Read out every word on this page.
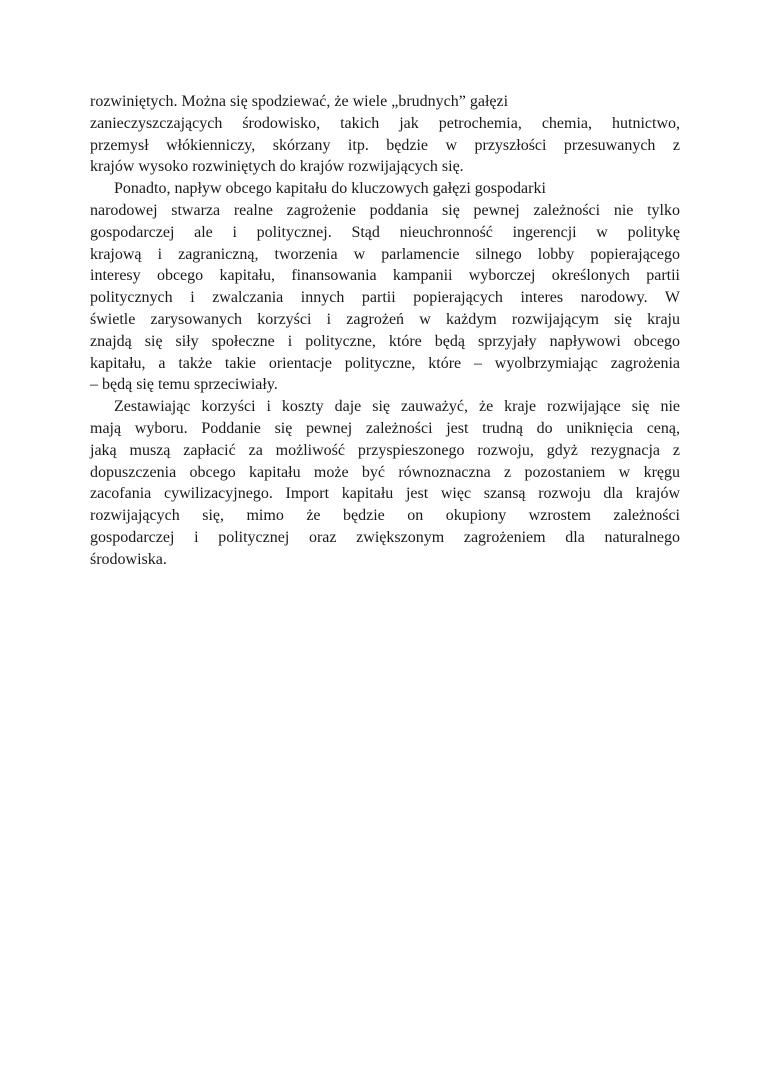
rozwiniętych. Można się spodziewać, że wiele „brudnych” gałęzi
zanieczyszczających środowisko, takich jak petrochemia, chemia, hutnictwo,
przemysł włókienniczy, skórzany itp. będzie w przyszłości przesuwanych z
krajów wysoko rozwiniętych do krajów rozwijających się.
Ponadto, napływ obcego kapitału do kluczowych gałęzi gospodarki
narodowej stwarza realne zagrożenie poddania się pewnej zależności nie tylko
gospodarczej ale i politycznej. Stąd nieuchronność ingerencji w politykę
krajową i zagraniczną, tworzenia w parlamencie silnego lobby popierającego
interesy obcego kapitału, finansowania kampanii wyborczej określonych partii
politycznych i zwalczania innych partii popierających interes narodowy. W
świetle zarysowanych korzyści i zagrożeń w każdym rozwijającym się kraju
znajdą się siły społeczne i polityczne, które będą sprzyjały napływowi obcego
kapitału, a także takie orientacje polityczne, które – wyolbrzymiając zagrożenia
– będą się temu sprzeciwiały.
Zestawiając korzyści i koszty daje się zauważyć, że kraje rozwijające się nie
mają wyboru. Poddanie się pewnej zależności jest trudną do uniknięcia ceną,
jaką muszą zapłacić za możliwość przyspieszonego rozwoju, gdyż rezygnacja z
dopuszczenia obcego kapitału może być równoznaczna z pozostaniem w kręgu
zacofania cywilizacyjnego. Import kapitału jest więc szansą rozwoju dla krajów
rozwijających się, mimo że będzie on okupiony wzrostem zależności
gospodarczej i politycznej oraz zwiększonym zagrożeniem dla naturalnego
środowiska.
